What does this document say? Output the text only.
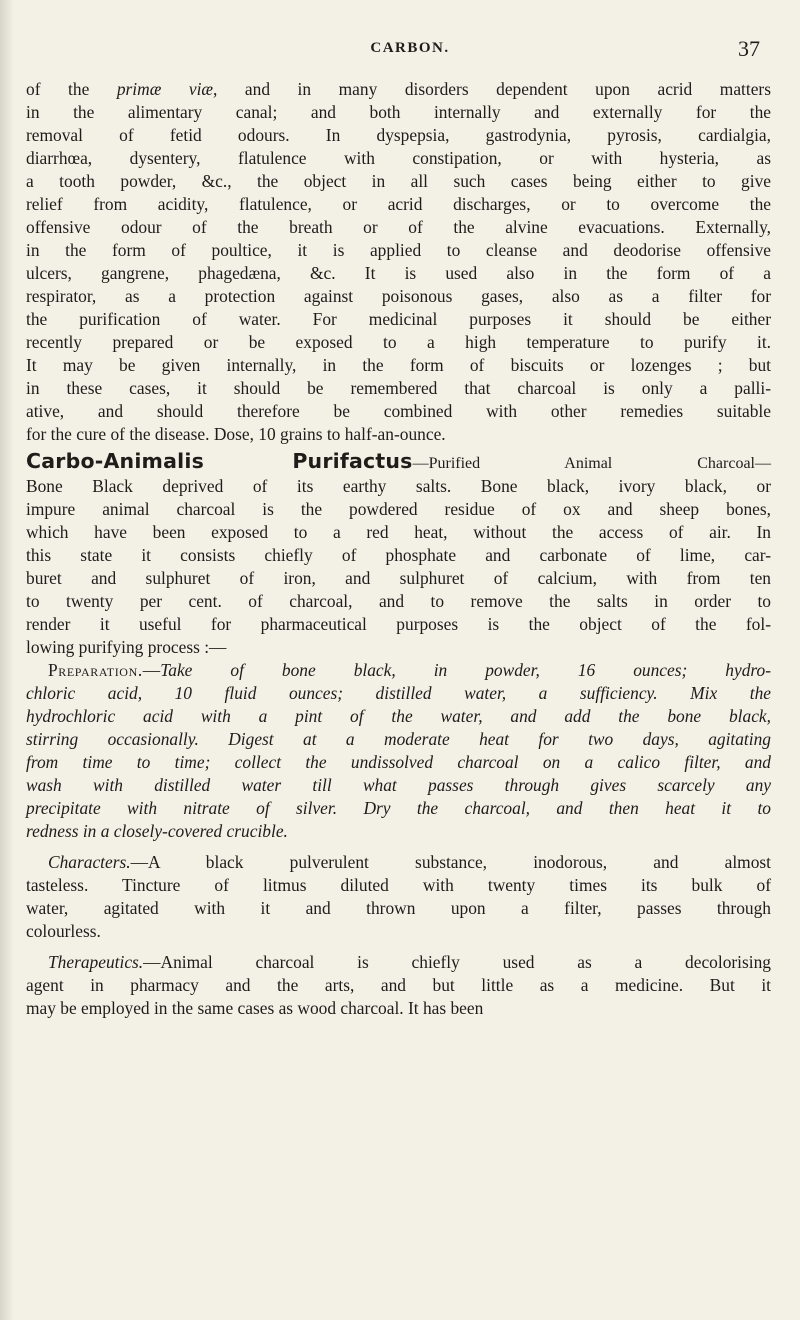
CARBON.	37
of the primæ viæ, and in many disorders dependent upon acrid matters
in the alimentary canal; and both internally and externally for the
removal of fetid odours. In dyspepsia, gastrodynia, pyrosis, cardialgia,
diarrhœa, dysentery, flatulence with constipation, or with hysteria, as
a tooth powder, &c., the object in all such cases being either to give
relief from acidity, flatulence, or acrid discharges, or to overcome the
offensive odour of the breath or of the alvine evacuations. Externally,
in the form of poultice, it is applied to cleanse and deodorise offensive
ulcers, gangrene, phagedæna, &c. It is used also in the form of a
respirator, as a protection against poisonous gases, also as a filter for
the purification of water. For medicinal purposes it should be either
recently prepared or be exposed to a high temperature to purify it.
It may be given internally, in the form of biscuits or lozenges ; but
in these cases, it should be remembered that charcoal is only a palli-
ative, and should therefore be combined with other remedies suitable
for the cure of the disease. Dose, 10 grains to half-an-ounce.
Carbo-Animalis Purifactus—Purified Animal Charcoal—
Bone Black deprived of its earthy salts. Bone black, ivory black, or
impure animal charcoal is the powdered residue of ox and sheep bones,
which have been exposed to a red heat, without the access of air. In
this state it consists chiefly of phosphate and carbonate of lime, car-
buret and sulphuret of iron, and sulphuret of calcium, with from ten
to twenty per cent. of charcoal, and to remove the salts in order to
render it useful for pharmaceutical purposes is the object of the fol-
lowing purifying process :—
Preparation.—Take of bone black, in powder, 16 ounces; hydro-
chloric acid, 10 fluid ounces; distilled water, a sufficiency. Mix the
hydrochloric acid with a pint of the water, and add the bone black,
stirring occasionally. Digest at a moderate heat for two days, agitating
from time to time; collect the undissolved charcoal on a calico filter, and
wash with distilled water till what passes through gives scarcely any
precipitate with nitrate of silver. Dry the charcoal, and then heat it to
redness in a closely-covered crucible.
Characters.—A black pulverulent substance, inodorous, and almost
tasteless. Tincture of litmus diluted with twenty times its bulk of
water, agitated with it and thrown upon a filter, passes through
colourless.
Therapeutics.—Animal charcoal is chiefly used as a decolorising
agent in pharmacy and the arts, and but little as a medicine. But it
may be employed in the same cases as wood charcoal. It has been
